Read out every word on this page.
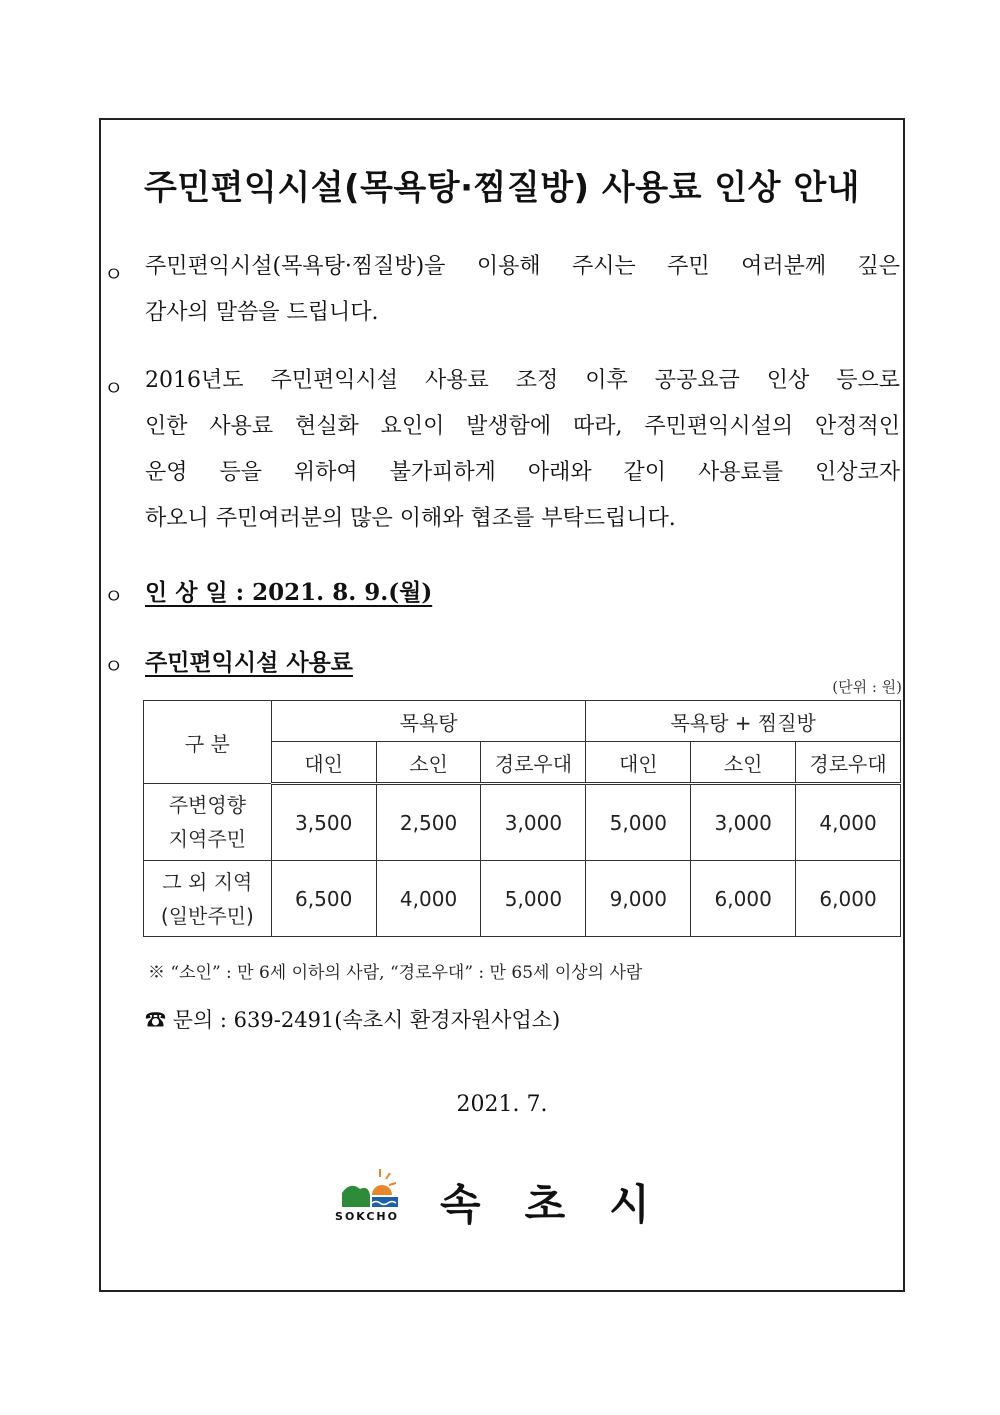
주민편익시설(목욕탕·찜질방) 사용료 인상 안내
ㅇ 주민편익시설(목욕탕·찜질방)을 이용해 주시는 주민 여러분께 깊은
감사의 말씀을 드립니다.
ㅇ 2016년도 주민편익시설 사용료 조정 이후 공공요금 인상 등으로
인한 사용료 현실화 요인이 발생함에 따라, 주민편익시설의 안정적인
운영 등을 위하여 불가피하게 아래와 같이 사용료를 인상코자
하오니 주민여러분의 많은 이해와 협조를 부탁드립니다.
ㅇ 인 상 일 : 2021. 8. 9.(월)
ㅇ 주민편익시설 사용료
(단위 : 원)
구 분	목욕탕			목욕탕 + 찜질방		
	대인	소인	경로우대	대인	소인	경로우대

주변영향
지역주민	3,500	2,500	3,000	5,000	3,000	4,000

그 외 지역
(일반주민)	6,500	4,000	5,000	9,000	6,000	6,000
※ “소인” : 만 6세 이하의 사람, “경로우대” : 만 65세 이상의 사람
☎ 문의 : 639-2491(속초시 환경자원사업소)
2021. 7.
SOKCHO 속초시
